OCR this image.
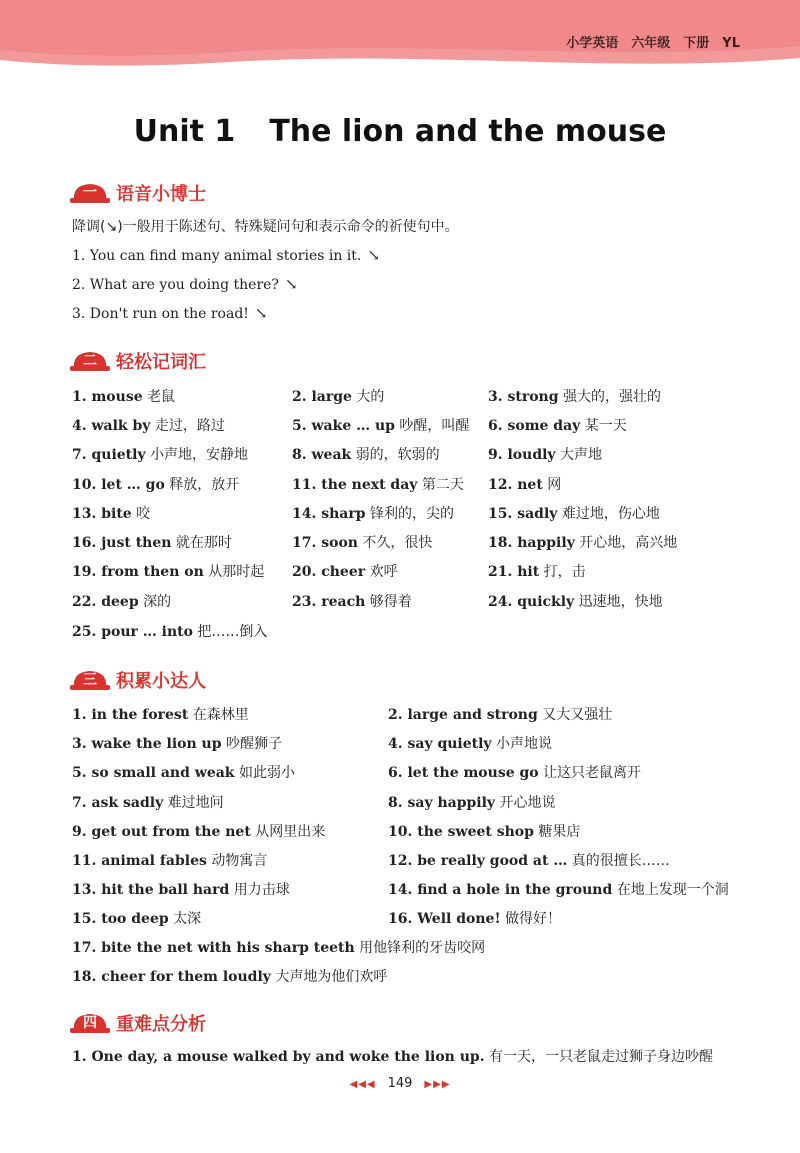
小学英语　六年级　下册　YL
Unit 1 The lion and the mouse
一	语音小博士
降调(↘)一般用于陈述句、特殊疑问句和表示命令的祈使句中。
1. You can find many animal stories in it. ↘
2. What are you doing there? ↘
3. Don't run on the road! ↘
二	轻松记词汇
1. mouse 老鼠	2. large 大的	3. strong 强大的，强壮的
4. walk by 走过，路过	5. wake … up 吵醒，叫醒 6. some day 某一天
7. quietly 小声地，安静地	8. weak 弱的，软弱的	9. loudly 大声地
10. let … go 释放，放开	11. the next day 第二天 12. net 网
13. bite 咬	14. sharp 锋利的，尖的 15. sadly 难过地，伤心地
16. just then 就在那时	17. soon 不久，很快	18. happily 开心地，高兴地
19. from then on 从那时起 20. cheer 欢呼	21. hit 打，击
22. deep 深的	23. reach 够得着	24. quickly 迅速地，快地
25. pour … into 把……倒入
三	积累小达人
1. in the forest 在森林里	2. large and strong 又大又强壮
3. wake the lion up 吵醒狮子	4. say quietly 小声地说
5. so small and weak 如此弱小	6. let the mouse go 让这只老鼠离开
7. ask sadly 难过地问	8. say happily 开心地说
9. get out from the net 从网里出来	10. the sweet shop 糖果店
11. animal fables 动物寓言	12. be really good at … 真的很擅长……
13. hit the ball hard 用力击球	14. find a hole in the ground 在地上发现一个洞
15. too deep 太深	16. Well done! 做得好！
17. bite the net with his sharp teeth 用他锋利的牙齿咬网
18. cheer for them loudly 大声地为他们欢呼
四	重难点分析
1. One day, a mouse walked by and woke the lion up. 有一天，一只老鼠走过狮子身边吵醒
◀◀◀ 149 ▶▶▶
